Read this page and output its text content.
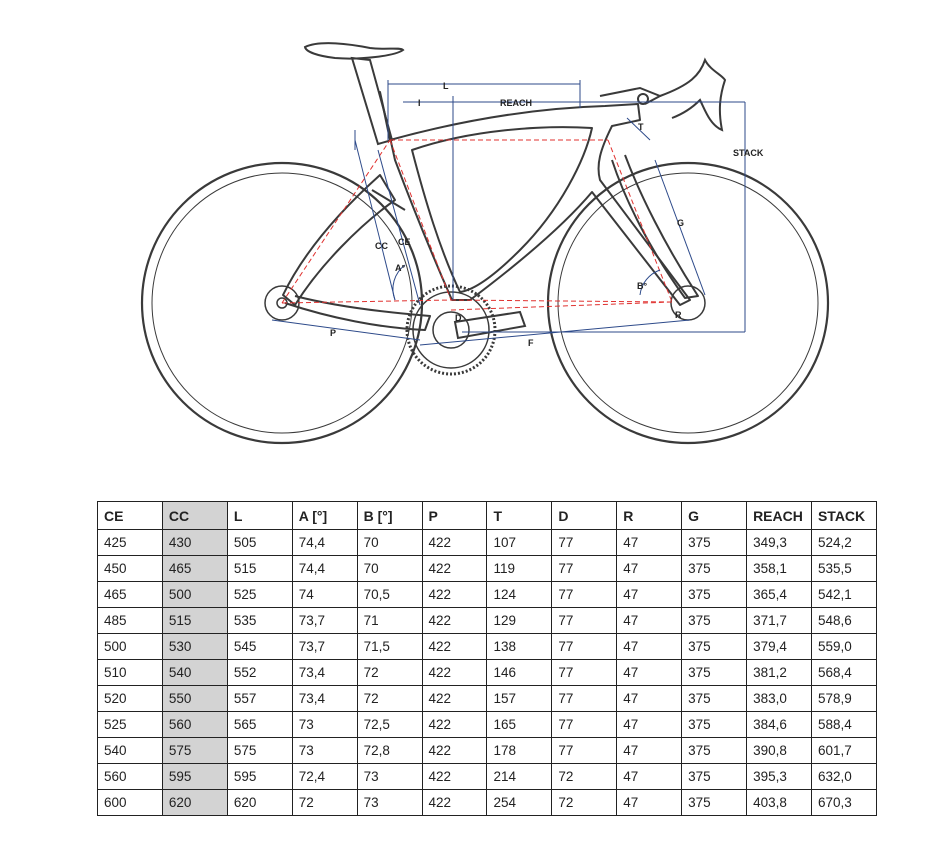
L
I	REACH
T
STACK
G
CC CE
A°
B°
D	R
P
F
CE	CC	L	A [°]	B [°]	P	T	D	R	G	REACH	STACK
425	430	505	74,4	70	422	107	77	47	375	349,3	524,2
450	465	515	74,4	70	422	119	77	47	375	358,1	535,5
465	500	525	74	70,5	422	124	77	47	375	365,4	542,1
485	515	535	73,7	71	422	129	77	47	375	371,7	548,6
500	530	545	73,7	71,5	422	138	77	47	375	379,4	559,0
510	540	552	73,4	72	422	146	77	47	375	381,2	568,4
520	550	557	73,4	72	422	157	77	47	375	383,0	578,9
525	560	565	73	72,5	422	165	77	47	375	384,6	588,4
540	575	575	73	72,8	422	178	77	47	375	390,8	601,7
560	595	595	72,4	73	422	214	72	47	375	395,3	632,0
600	620	620	72	73	422	254	72	47	375	403,8	670,3
